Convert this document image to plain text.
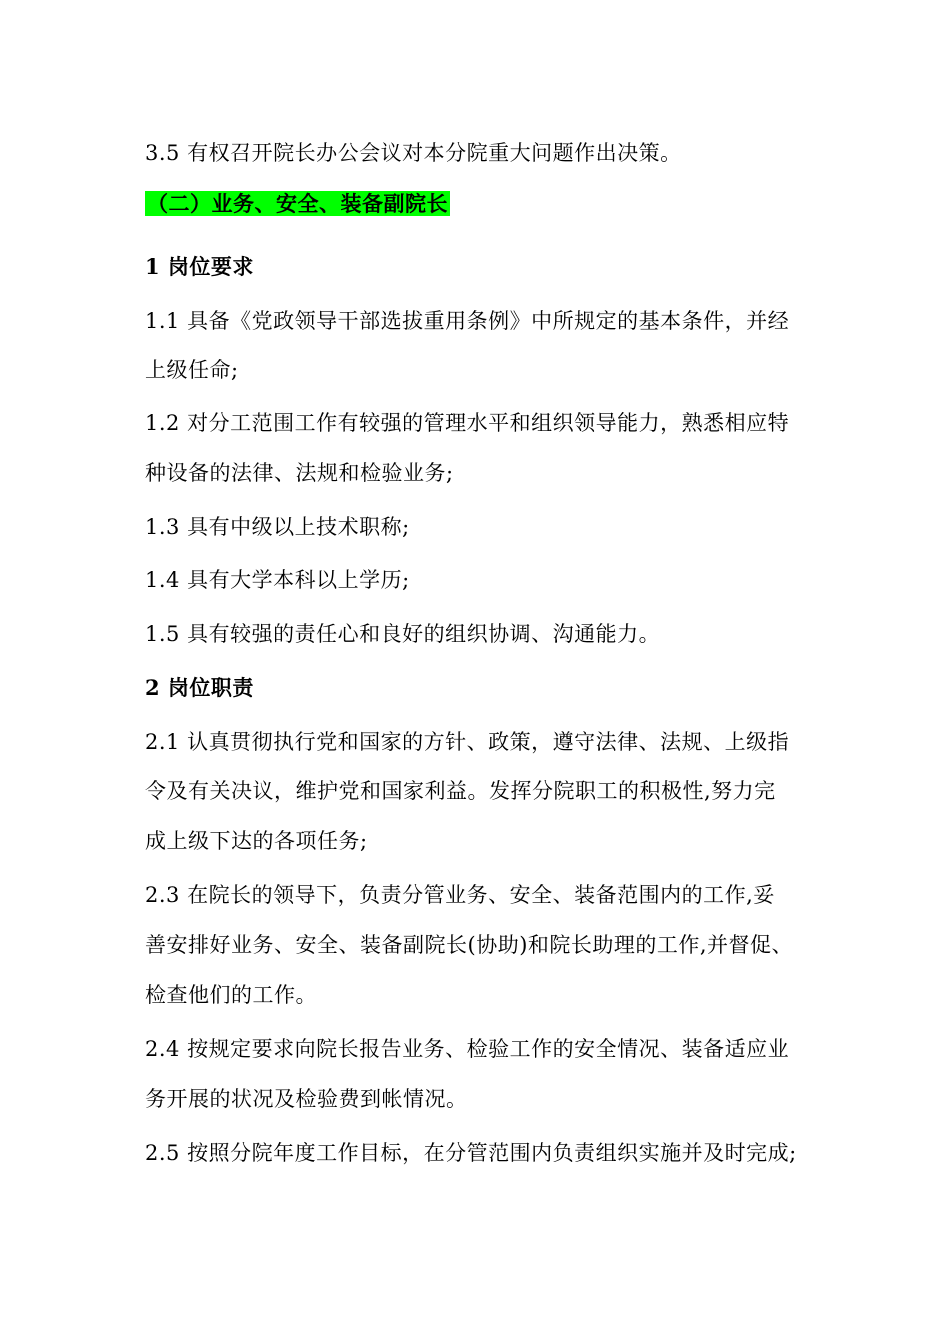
3.5 有权召开院长办公会议对本分院重大问题作出决策。
（二）业务、安全、装备副院长
1 岗位要求
1.1 具备《党政领导干部选拔重用条例》中所规定的基本条件，并经
上级任命;
1.2 对分工范围工作有较强的管理水平和组织领导能力，熟悉相应特
种设备的法律、法规和检验业务;
1.3 具有中级以上技术职称;
1.4 具有大学本科以上学历;
1.5 具有较强的责任心和良好的组织协调、沟通能力。
2 岗位职责
2.1 认真贯彻执行党和国家的方针、政策，遵守法律、法规、上级指
令及有关决议，维护党和国家利益。发挥分院职工的积极性,努力完
成上级下达的各项任务;
2.3 在院长的领导下，负责分管业务、安全、装备范围内的工作,妥
善安排好业务、安全、装备副院长(协助)和院长助理的工作,并督促、
检查他们的工作。
2.4 按规定要求向院长报告业务、检验工作的安全情况、装备适应业
务开展的状况及检验费到帐情况。
2.5 按照分院年度工作目标，在分管范围内负责组织实施并及时完成;
